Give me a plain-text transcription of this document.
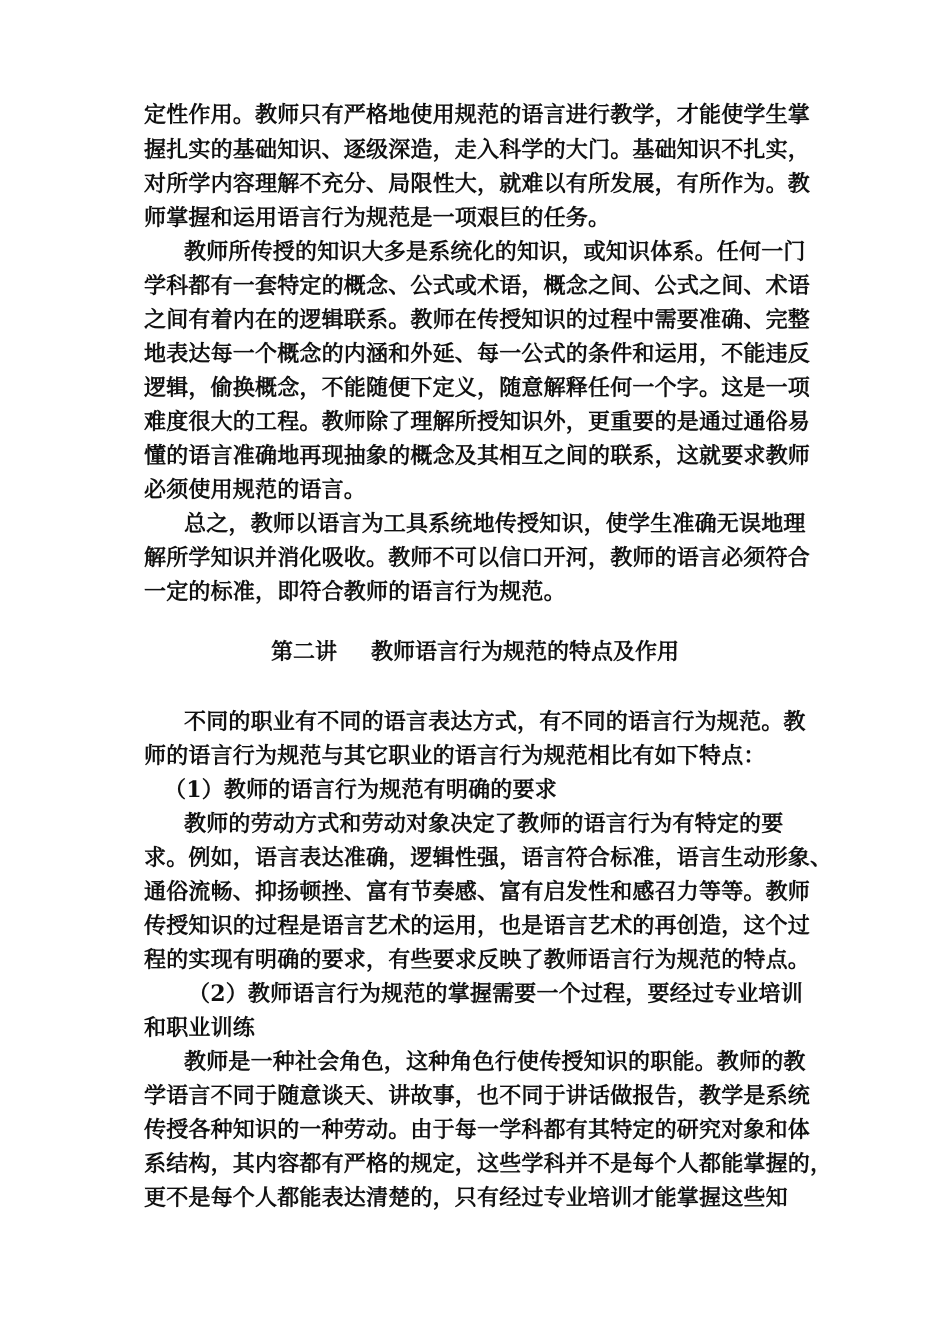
定性作用。教师只有严格地使用规范的语言进行教学，才能使学生掌
握扎实的基础知识、逐级深造，走入科学的大门。基础知识不扎实，
对所学内容理解不充分、局限性大，就难以有所发展，有所作为。教
师掌握和运用语言行为规范是一项艰巨的任务。
教师所传授的知识大多是系统化的知识，或知识体系。任何一门
学科都有一套特定的概念、公式或术语，概念之间、公式之间、术语
之间有着内在的逻辑联系。教师在传授知识的过程中需要准确、完整
地表达每一个概念的内涵和外延、每一公式的条件和运用，不能违反
逻辑，偷换概念，不能随便下定义，随意解释任何一个字。这是一项
难度很大的工程。教师除了理解所授知识外，更重要的是通过通俗易
懂的语言准确地再现抽象的概念及其相互之间的联系，这就要求教师
必须使用规范的语言。
总之，教师以语言为工具系统地传授知识，使学生准确无误地理
解所学知识并消化吸收。教师不可以信口开河，教师的语言必须符合
一定的标准，即符合教师的语言行为规范。
第二讲 教师语言行为规范的特点及作用
不同的职业有不同的语言表达方式，有不同的语言行为规范。教
师的语言行为规范与其它职业的语言行为规范相比有如下特点：
（1）教师的语言行为规范有明确的要求
教师的劳动方式和劳动对象决定了教师的语言行为有特定的要
求。例如，语言表达准确，逻辑性强，语言符合标准，语言生动形象、
通俗流畅、抑扬顿挫、富有节奏感、富有启发性和感召力等等。教师
传授知识的过程是语言艺术的运用，也是语言艺术的再创造，这个过
程的实现有明确的要求，有些要求反映了教师语言行为规范的特点。
（2）教师语言行为规范的掌握需要一个过程，要经过专业培训
和职业训练
教师是一种社会角色，这种角色行使传授知识的职能。教师的教
学语言不同于随意谈天、讲故事，也不同于讲话做报告，教学是系统
传授各种知识的一种劳动。由于每一学科都有其特定的研究对象和体
系结构，其内容都有严格的规定，这些学科并不是每个人都能掌握的，
更不是每个人都能表达清楚的，只有经过专业培训才能掌握这些知
